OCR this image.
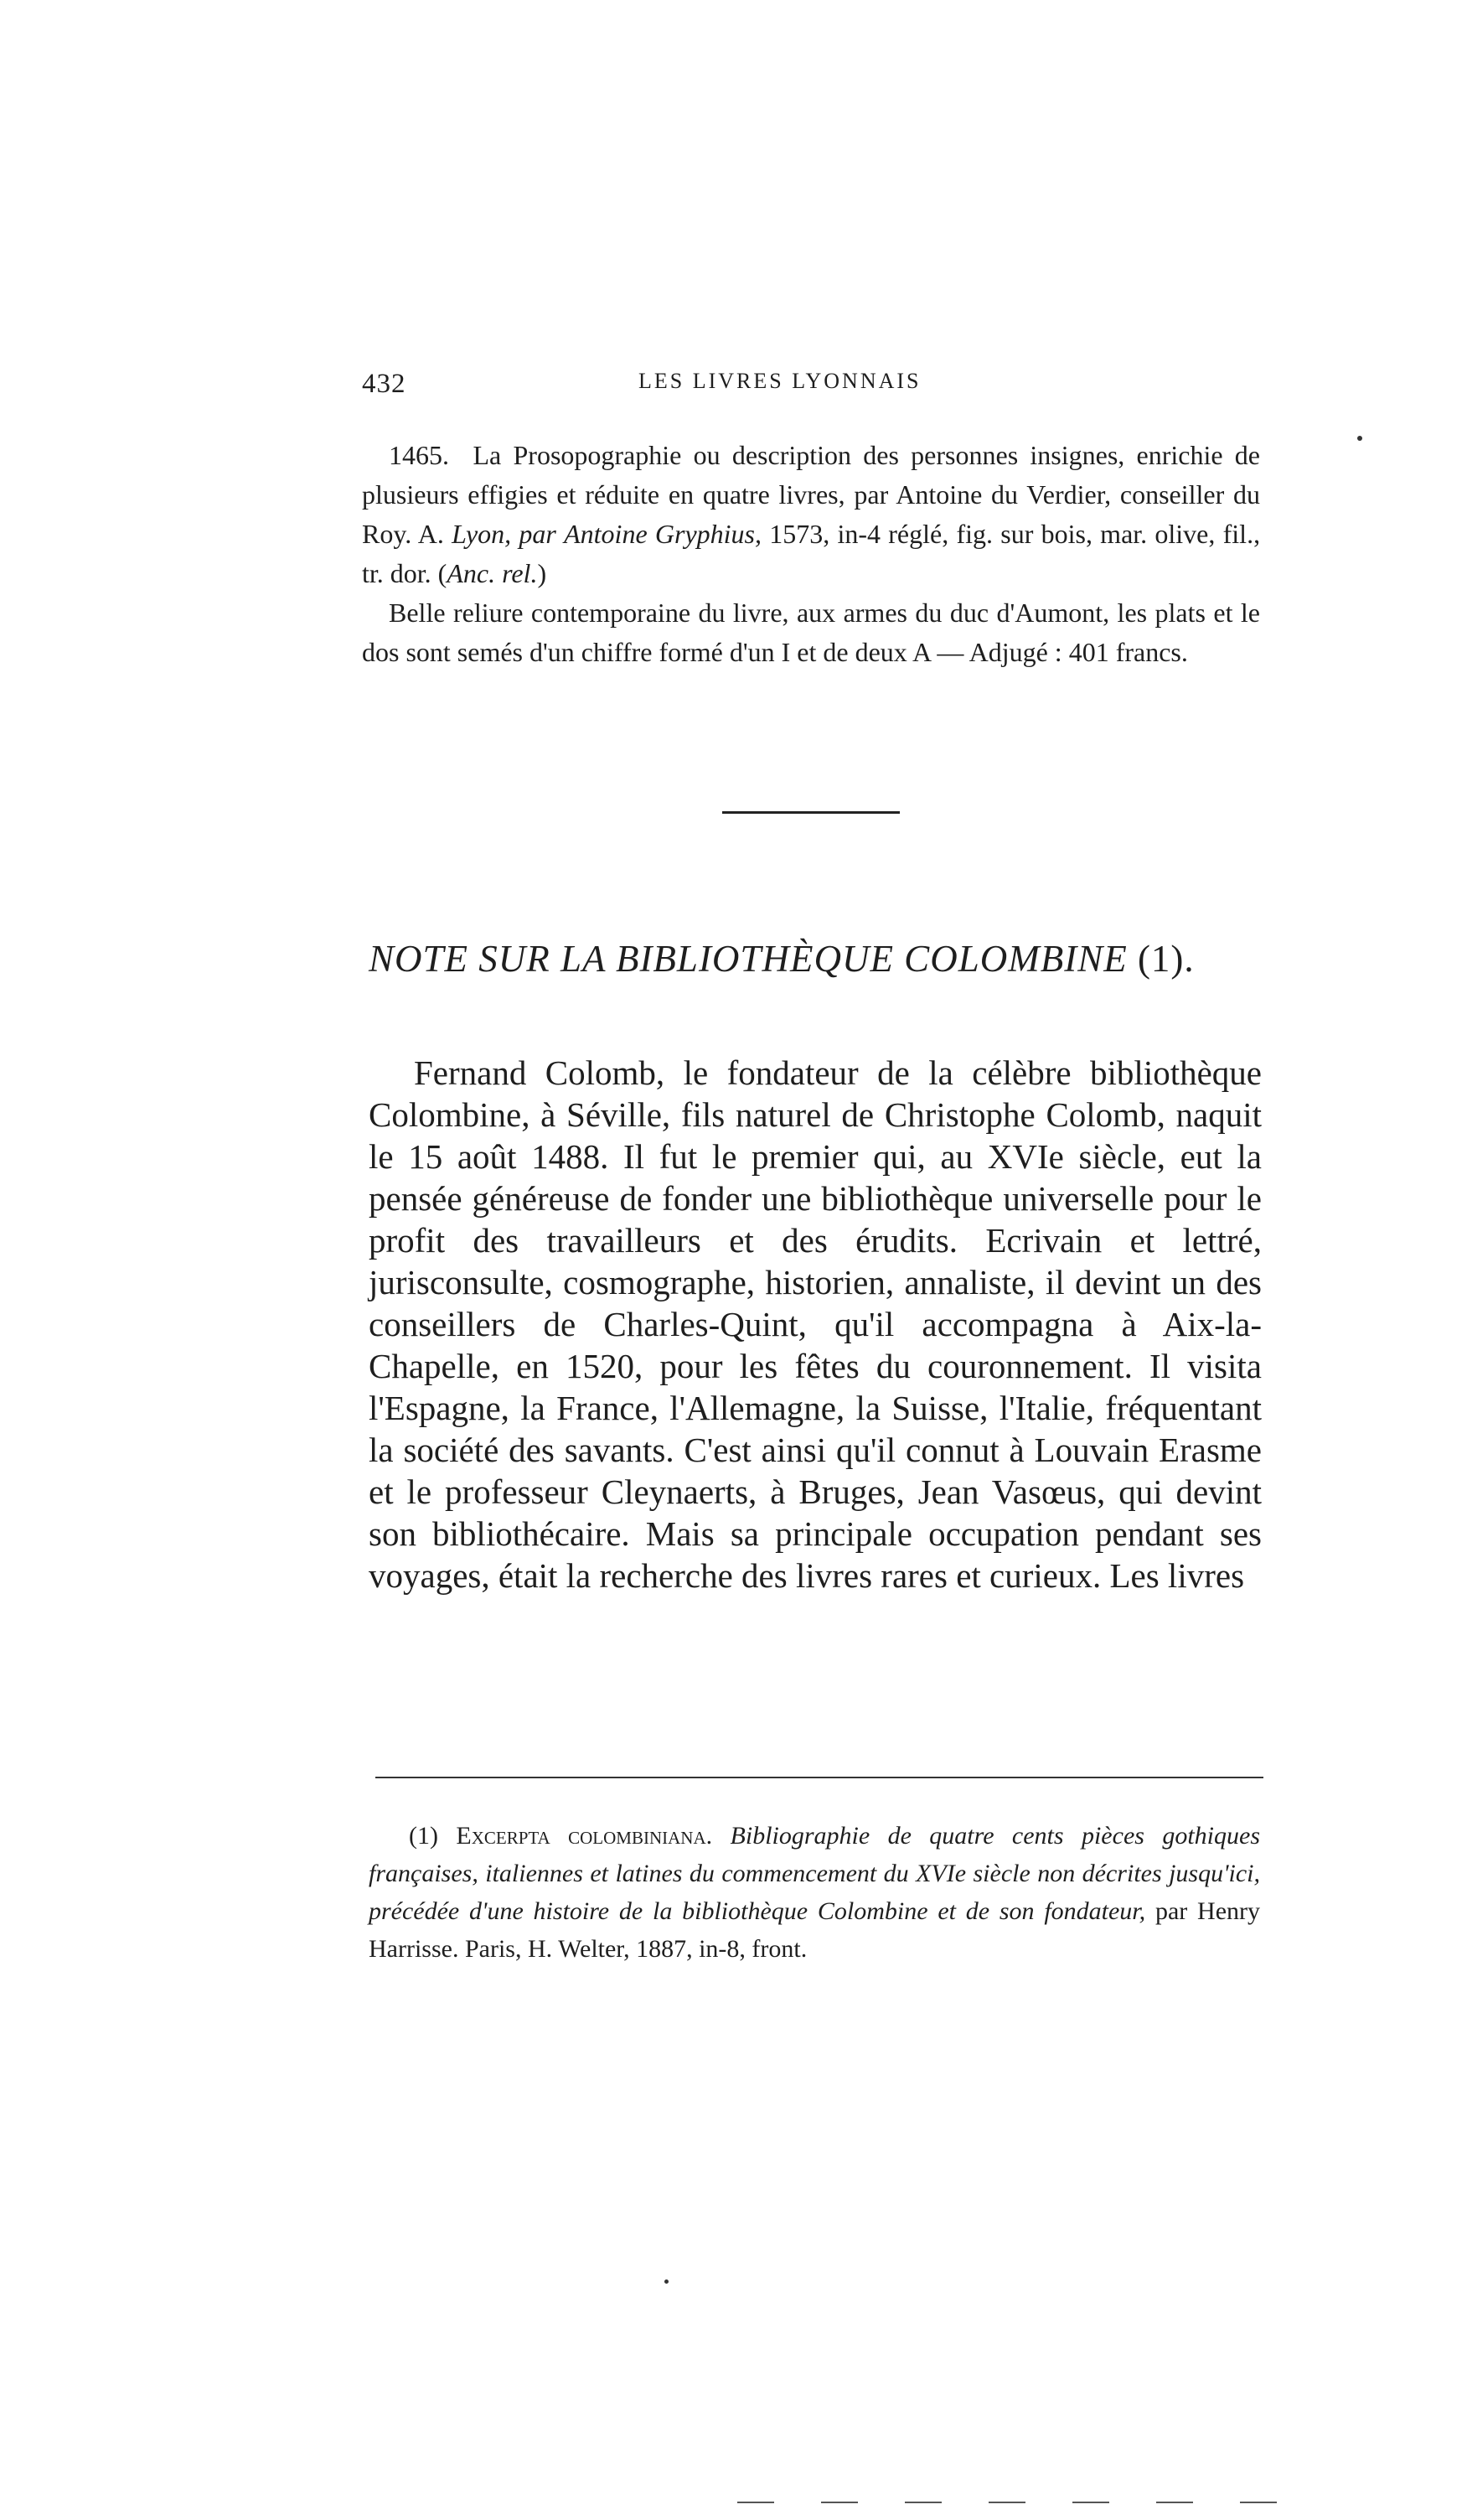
432	LES LIVRES LYONNAIS

1465. La Prosopographie ou description des personnes insignes, enrichie de plusieurs effigies et réduite en quatre livres, par Antoine du Verdier, conseiller du Roy. A. Lyon, par Antoine Gryphius, 1573, in-4 réglé, fig. sur bois, mar. olive, fil., tr. dor. (Anc. rel.)

Belle reliure contemporaine du livre, aux armes du duc d'Aumont, les plats et le dos sont semés d'un chiffre formé d'un I et de deux A — Adjugé : 401 francs.

NOTE SUR LA BIBLIOTHÈQUE COLOMBINE (1).

Fernand Colomb, le fondateur de la célèbre bibliothèque Colombine, à Séville, fils naturel de Christophe Colomb, naquit le 15 août 1488. Il fut le premier qui, au XVIe siècle, eut la pensée généreuse de fonder une bibliothèque universelle pour le profit des travailleurs et des érudits. Ecrivain et lettré, jurisconsulte, cosmographe, historien, annaliste, il devint un des conseillers de Charles-Quint, qu'il accompagna à Aix-la-Chapelle, en 1520, pour les fêtes du couronnement. Il visita l'Espagne, la France, l'Allemagne, la Suisse, l'Italie, fréquentant la société des savants. C'est ainsi qu'il connut à Louvain Erasme et le professeur Cleynaerts, à Bruges, Jean Vasœus, qui devint son bibliothécaire. Mais sa principale occupation pendant ses voyages, était la recherche des livres rares et curieux. Les livres

(1) Excerpta colombiniana. Bibliographie de quatre cents pièces gothiques françaises, italiennes et latines du commencement du XVIe siècle non décrites jusqu'ici, précédée d'une histoire de la bibliothèque Colombine et de son fondateur, par Henry Harrisse. Paris, H. Welter, 1887, in-8, front.
